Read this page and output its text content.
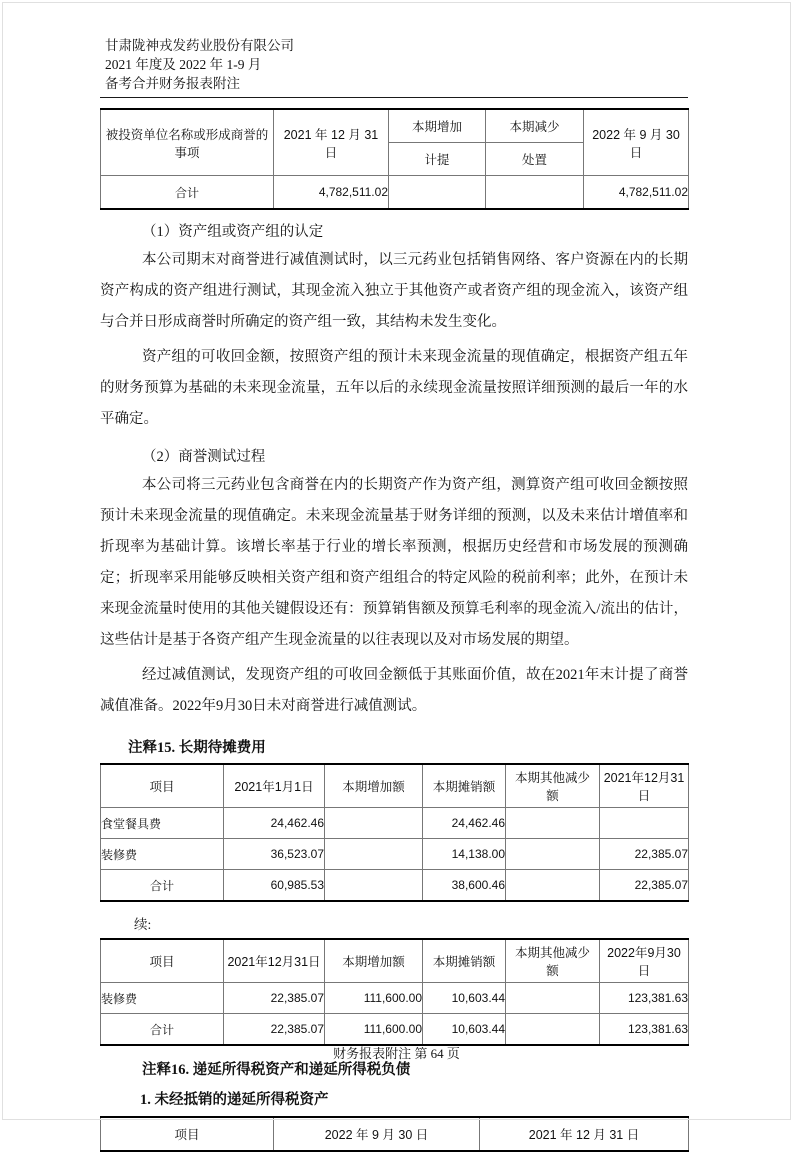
甘肃陇神戎发药业股份有限公司
2021 年度及 2022 年 1-9 月
备考合并财务报表附注
被投资单位名称或形成商誉的事项	2021 年 12 月 31 日	本期增加	本期减少	2022 年 9 月 30 日
		计提	处置	
合计	4,782,511.02			4,782,511.02

（1）资产组或资产组的认定

本公司期末对商誉进行减值测试时，以三元药业包括销售网络、客户资源在内的长期资产构成的资产组进行测试，其现金流入独立于其他资产或者资产组的现金流入，该资产组与合并日形成商誉时所确定的资产组一致，其结构未发生变化。

资产组的可收回金额，按照资产组的预计未来现金流量的现值确定，根据资产组五年的财务预算为基础的未来现金流量，五年以后的永续现金流量按照详细预测的最后一年的水平确定。

（2）商誉测试过程

本公司将三元药业包含商誉在内的长期资产作为资产组，测算资产组可收回金额按照预计未来现金流量的现值确定。未来现金流量基于财务详细的预测，以及未来估计增值率和折现率为基础计算。该增长率基于行业的增长率预测，根据历史经营和市场发展的预测确定；折现率采用能够反映相关资产组和资产组组合的特定风险的税前利率；此外，在预计未来现金流量时使用的其他关键假设还有：预算销售额及预算毛利率的现金流入/流出的估计，这些估计是基于各资产组产生现金流量的以往表现以及对市场发展的期望。

经过减值测试，发现资产组的可收回金额低于其账面价值，故在2021年末计提了商誉减值准备。2022年9月30日未对商誉进行减值测试。

注释15. 长期待摊费用
项目	2021年1月1日	本期增加额	本期摊销额	本期其他减少额	2021年12月31日
食堂餐具费	24,462.46		24,462.46		
装修费	36,523.07		14,138.00		22,385.07
合计	60,985.53		38,600.46		22,385.07
续:
项目	2021年12月31日	本期增加额	本期摊销额	本期其他减少额	2022年9月30日
装修费	22,385.07	111,600.00	10,603.44		123,381.63
合计	22,385.07	111,600.00	10,603.44		123,381.63
注释16. 递延所得税资产和递延所得税负债
1. 未经抵销的递延所得税资产
项目	2022 年 9 月 30 日	2021 年 12 月 31 日
财务报表附注 第 64 页
